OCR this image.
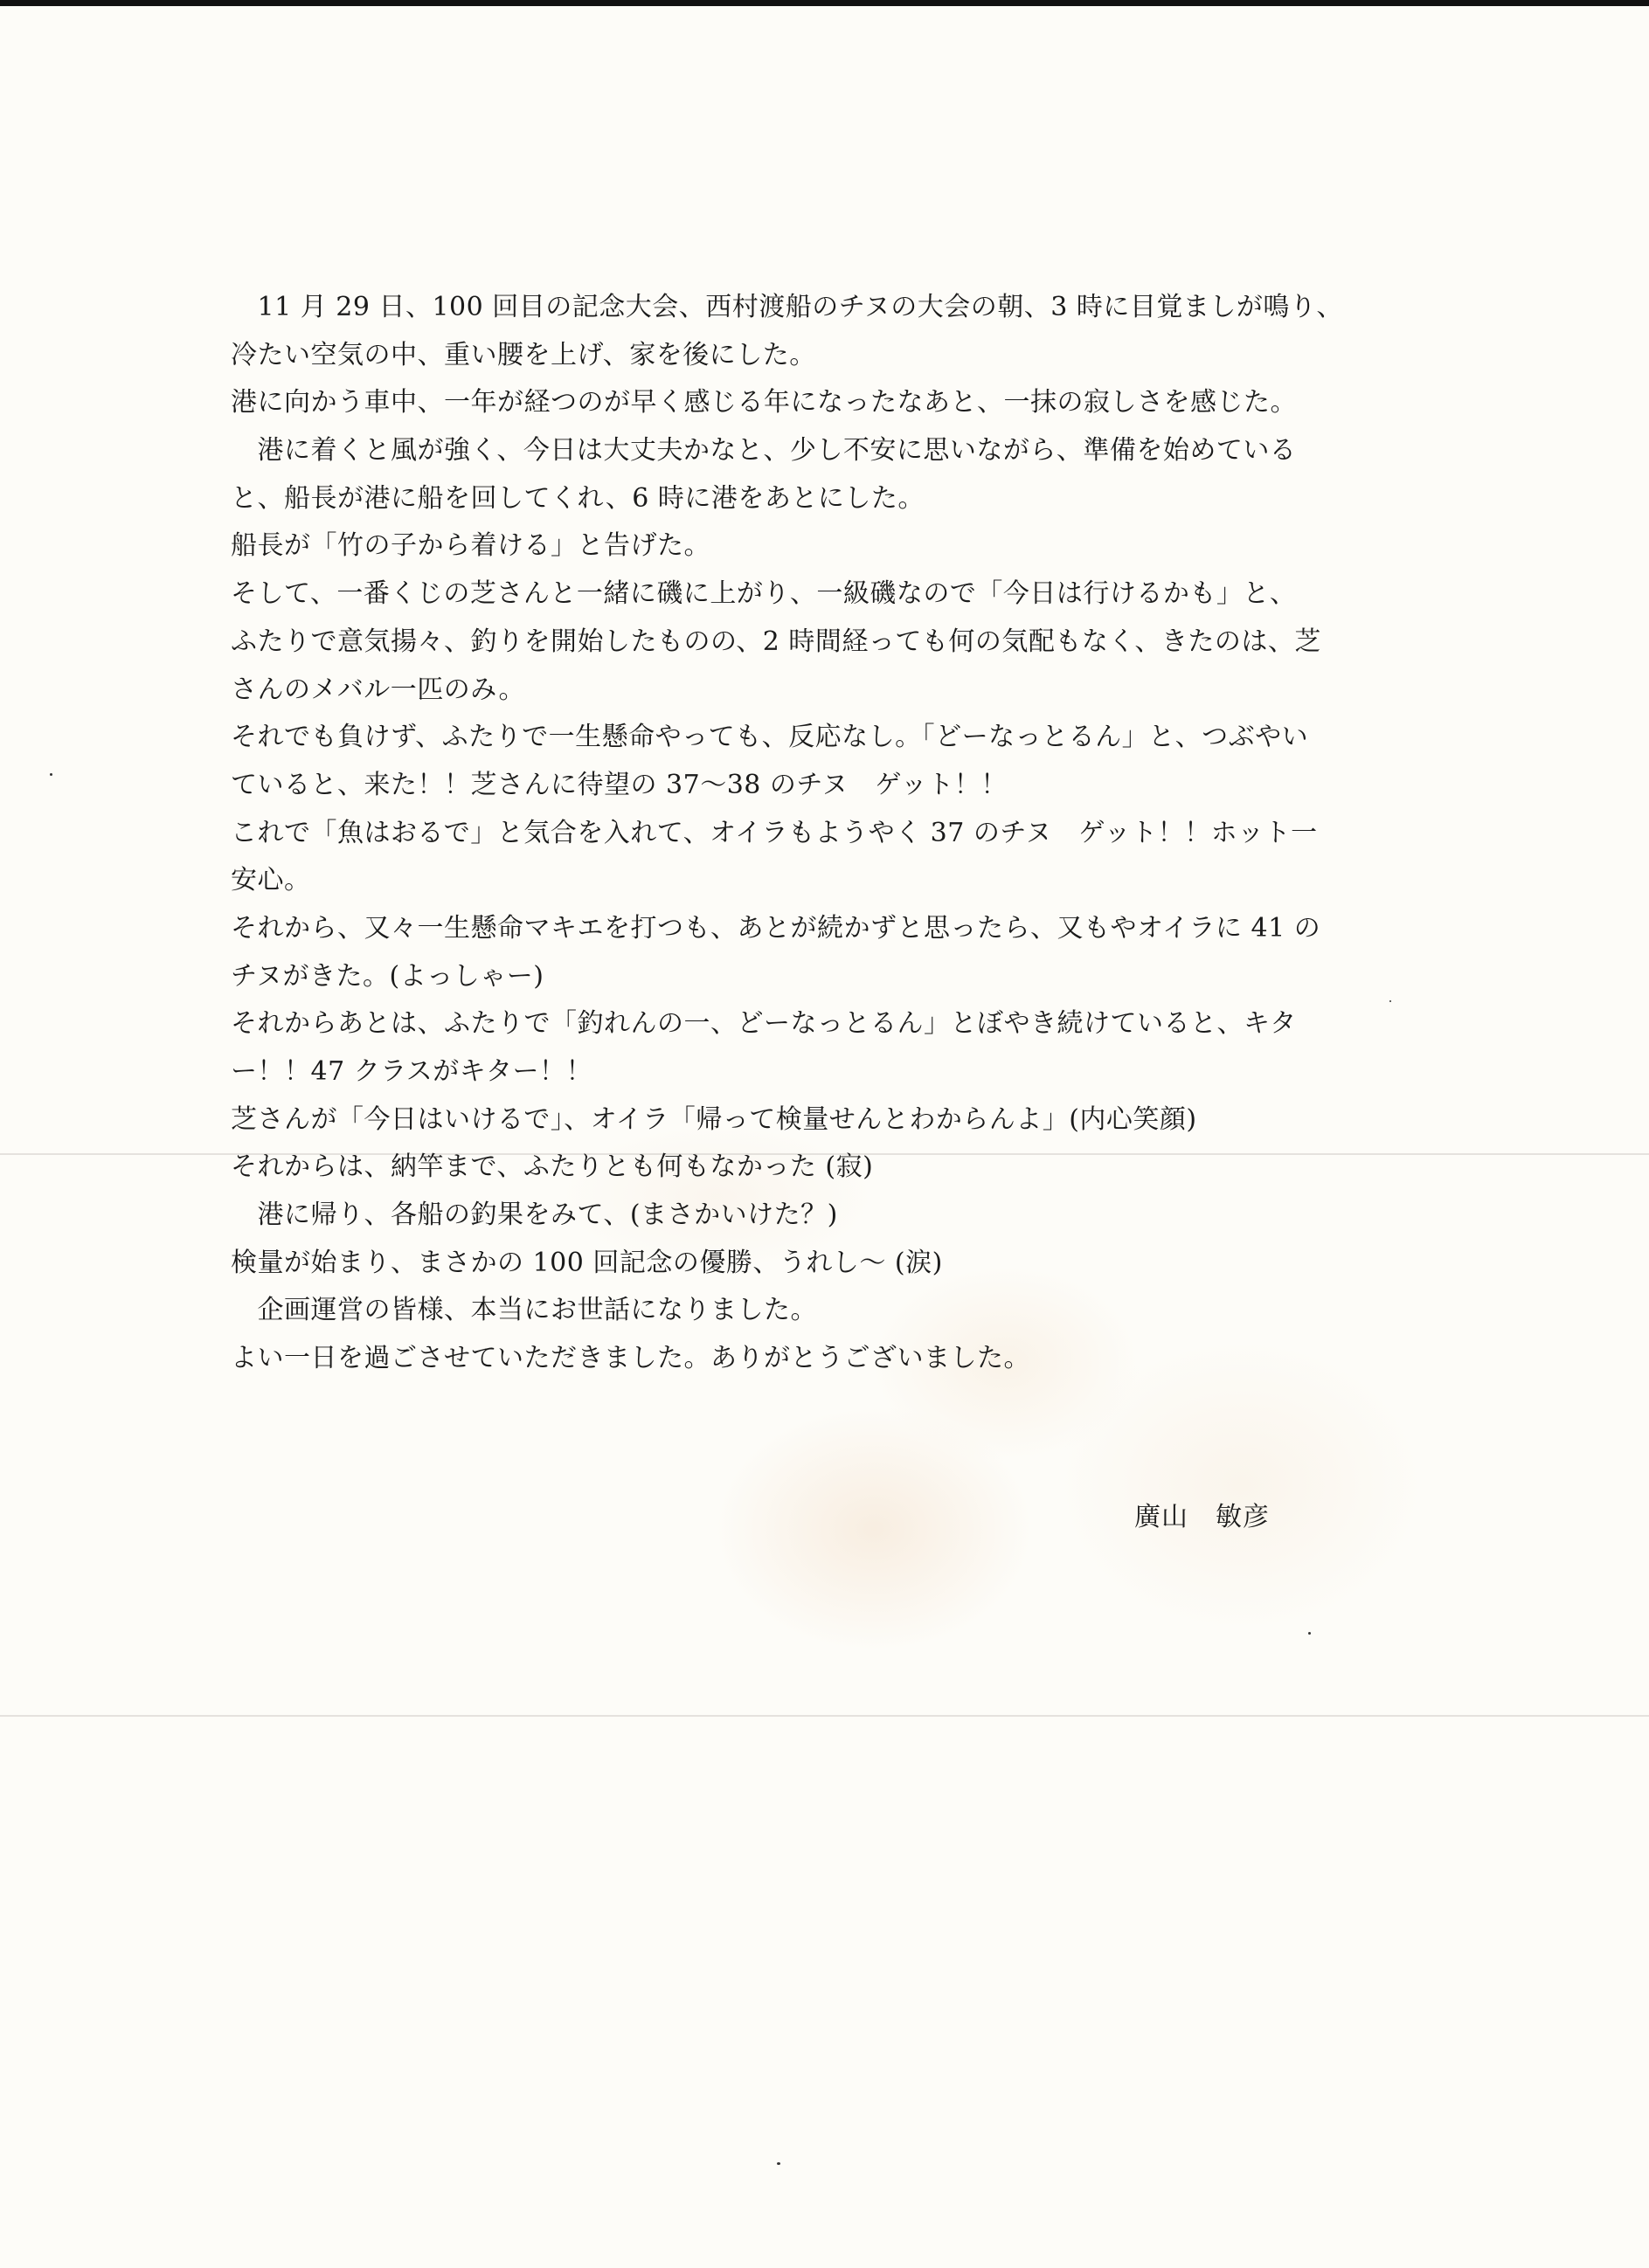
　11 月 29 日、100 回目の記念大会、西村渡船のチヌの大会の朝、3 時に目覚ましが鳴り、
冷たい空気の中、重い腰を上げ、家を後にした。
港に向かう車中、一年が経つのが早く感じる年になったなあと、一抹の寂しさを感じた。
　港に着くと風が強く、今日は大丈夫かなと、少し不安に思いながら、準備を始めている
と、船長が港に船を回してくれ、6 時に港をあとにした。
船長が「竹の子から着ける」と告げた。
そして、一番くじの芝さんと一緒に磯に上がり、一級磯なので「今日は行けるかも」と、
ふたりで意気揚々、釣りを開始したものの、2 時間経っても何の気配もなく、きたのは、芝
さんのメバル一匹のみ。
それでも負けず、ふたりで一生懸命やっても、反応なし。「どーなっとるん」と、つぶやい
ていると、来た！！芝さんに待望の 37～38 のチヌ　ゲット！！
これで「魚はおるで」と気合を入れて、オイラもようやく 37 のチヌ　ゲット！！ホット一
安心。
それから、又々一生懸命マキエを打つも、あとが続かずと思ったら、又もやオイラに 41 の
チヌがきた。(よっしゃー)
それからあとは、ふたりで「釣れんの一、どーなっとるん」とぼやき続けていると、キタ
ー！！47 クラスがキター！！
芝さんが「今日はいけるで」、オイラ「帰って検量せんとわからんよ」(内心笑顔)
それからは、納竿まで、ふたりとも何もなかった (寂)
　港に帰り、各船の釣果をみて、(まさかいけた？)
検量が始まり、まさかの 100 回記念の優勝、うれし～ (涙)
　企画運営の皆様、本当にお世話になりました。
よい一日を過ごさせていただきました。ありがとうございました。
廣山　敏彦
